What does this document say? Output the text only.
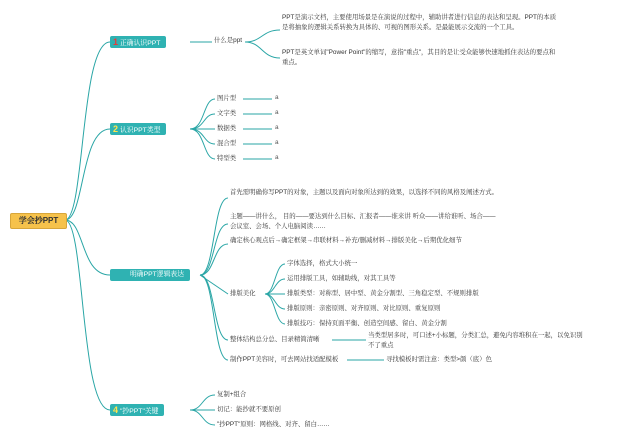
学会抄PPT
1 正确认识PPT	什么是ppt
PPT是演示文档，主要使用场景是在演说的过程中，辅助讲者进行信息的表达和呈现。PPT的本质是将抽象的逻辑关系转换为具体的、可视的图形关系。是最能展示交流的一个工具。
PPT是英文单词"Power Point"的缩写，意指"重点"，其目的是让受众能够快速地抓住表达的要点和重点。
2 认识PPT类型
图片型
文字类
数据类
混合型
特型类
a
a
a
a
a
明确PPT逻辑表达
首先需明确你写PPT的对象，主题以及面向对象所达到的效果，以选择不同的风格及阐述方式。
主题——讲什么， 目的——要达到什么目标、汇报者——谁来讲 听众——讲给谁听、场合——会议室、会场、个人电脑阅读……
确定核心观点后→确定框架→串联材料→补充/删减材料→排版美化→后期优化细节
排版美化
字体选择，格式大小统一
运用排版工具，如辅助线，对其工具等
排版类型：对称型、居中型、黄金分割型、三角稳定型、不规则排版
排版原则：亲密原则、对齐原则、对比原则、重复原则
排版技巧：保持页面平衡、创造空间感、留白、黄金分割
整体结构总分总、目录精简清晰
当类型居多时，可口述+小标题，分类汇总，避免内容堆积在一起，以免识别不了重点
制作PPT美容时，可去网站找适配模板	寻找模板时需注意：类型>颜（底）色
4 "抄PPT"关键
复制+组合
切记：能抄就不要原创
"抄PPT"原则：网格线、对齐、留白……
